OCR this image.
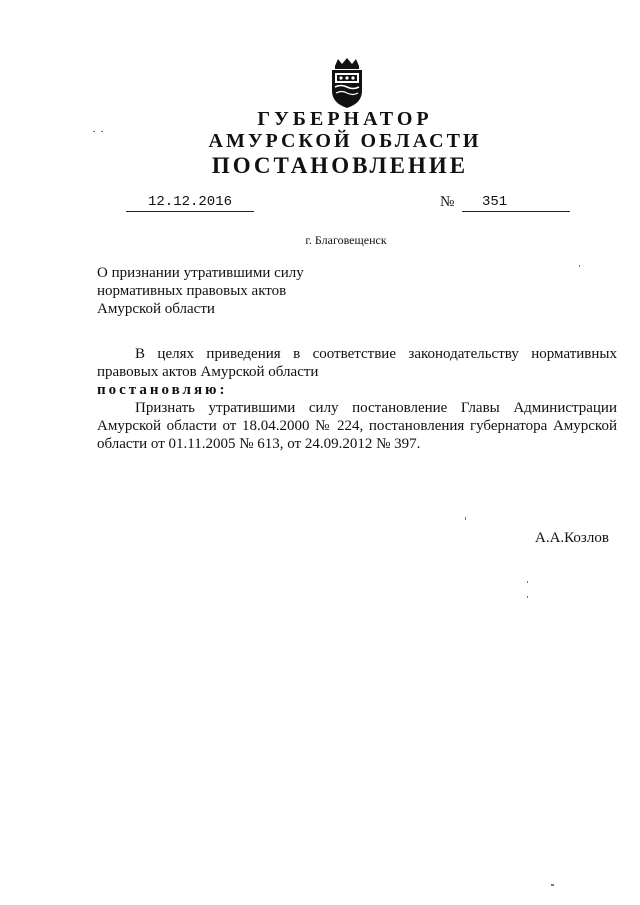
ГУБЕРНАТОР
АМУРСКОЙ ОБЛАСТИ
ПОСТАНОВЛЕНИЕ
12.12.2016	№	351
г. Благовещенск
О признании утратившими силу
нормативных правовых актов
Амурской области
В целях приведения в соответствие законодательству нормативных правовых актов Амурской области
постановляю:
Признать утратившими силу постановление Главы Администрации Амурской области от 18.04.2000 № 224, постановления губернатора Амурской области от 01.11.2005 № 613, от 24.09.2012 № 397.
А.А.Козлов
